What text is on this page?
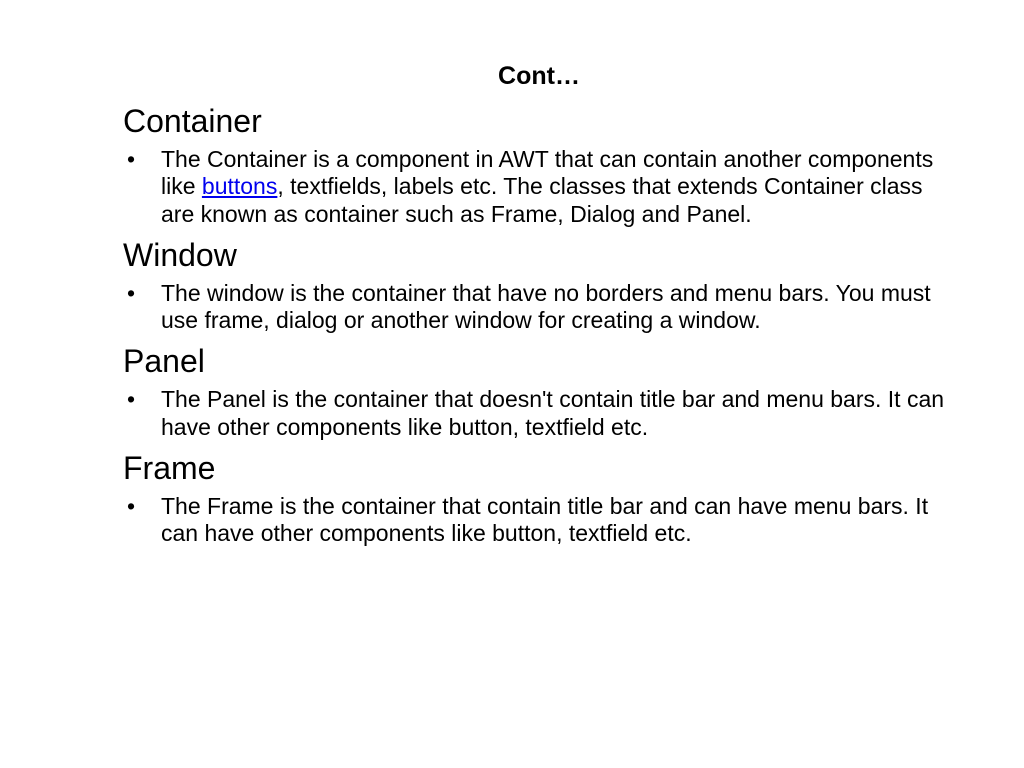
Cont…
Container
• The Container is a component in AWT that can contain another components like buttons, textfields, labels etc. The classes that extends Container class are known as container such as Frame, Dialog and Panel.
Window
• The window is the container that have no borders and menu bars. You must use frame, dialog or another window for creating a window.
Panel
• The Panel is the container that doesn't contain title bar and menu bars. It can have other components like button, textfield etc.
Frame
• The Frame is the container that contain title bar and can have menu bars. It can have other components like button, textfield etc.
